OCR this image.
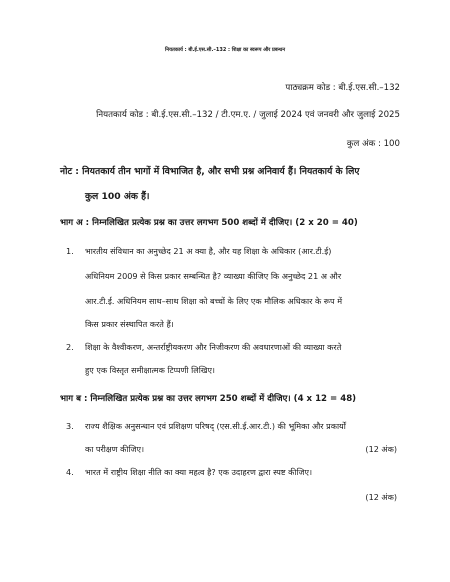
नियतकार्य : बी.ई.एस.सी.–132 : शिक्षा का स्वरूप और प्रबन्धन
पाठ्यक्रम कोड : बी.ई.एस.सी.–132
नियतकार्य कोड : बी.ई.एस.सी.–132 / टी.एम.ए. / जुलाई 2024 एवं जनवरी और जुलाई 2025
कुल अंक : 100
नोट : नियतकार्य तीन भागों में विभाजित है, और सभी प्रश्न अनिवार्य हैं। नियतकार्य के लिए
कुल 100 अंक हैं।
भाग अ : निम्नलिखित प्रत्येक प्रश्न का उत्तर लगभग 500 शब्दों में दीजिए। (2 x 20 = 40)
1. भारतीय संविधान का अनुच्छेद 21 अ क्या है, और यह शिक्षा के अधिकार (आर.टी.ई)
अधिनियम 2009 से किस प्रकार सम्बन्धित है? व्याख्या कीजिए कि अनुच्छेद 21 अ और
आर.टी.ई. अधिनियम साथ–साथ शिक्षा को बच्चों के लिए एक मौलिक अधिकार के रूप में
किस प्रकार संस्थापित करते हैं।
2. शिक्षा के वैश्वीकरण, अन्तर्राष्ट्रीयकरण और निजीकरण की अवधारणाओं की व्याख्या करते
हुए एक विस्तृत समीक्षात्मक टिप्पणी लिखिए।
भाग ब : निम्नलिखित प्रत्येक प्रश्न का उत्तर लगभग 250 शब्दों में दीजिए। (4 x 12 = 48)
3. राज्य शैक्षिक अनुसन्धान एवं प्रशिक्षण परिषद् (एस.सी.ई.आर.टी.) की भूमिका और प्रकार्यों
का परीक्षण कीजिए।	(12 अंक)
4. भारत में राष्ट्रीय शिक्षा नीति का क्या महत्व है? एक उदाहरण द्वारा स्पष्ट कीजिए।
(12 अंक)
